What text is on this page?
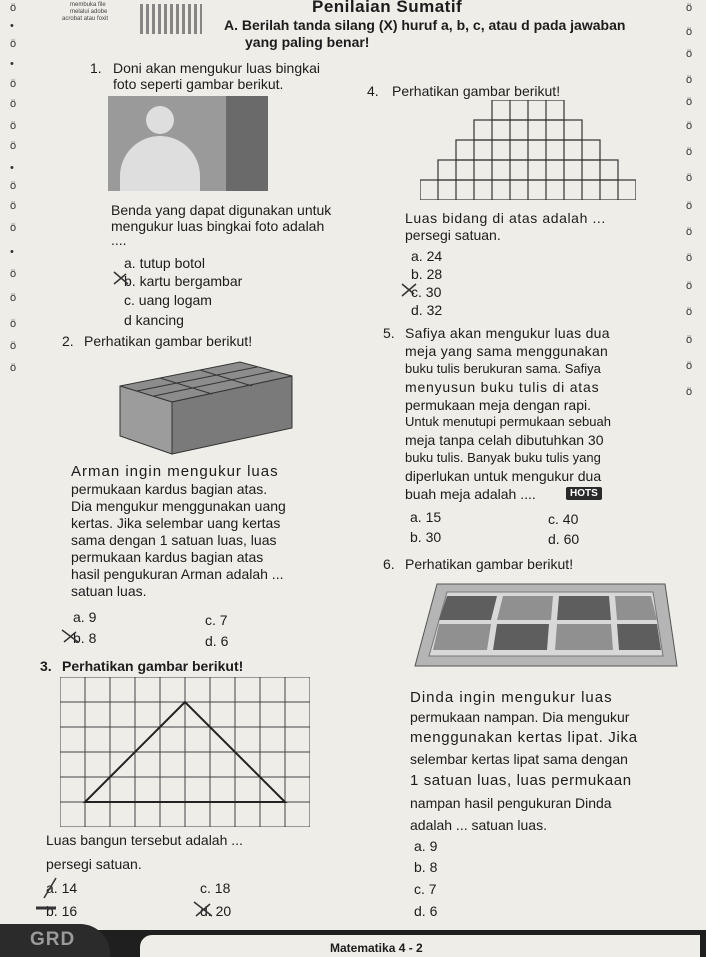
ö
•
ö
•
ö
ö
ö
ö
•
ö
ö
ö
•
ö
ö
ö
ö
ö
ö
ö
ö
ö
ö
ö
ö
ö
ö
ö
ö
ö
ö
ö
ö
ö
membuka file
melalui adobe
acrobat atau foxit
Penilaian Sumatif
A. Berilah tanda silang (X) huruf a, b, c, atau d pada jawaban
yang paling benar!
1. Doni akan mengukur luas bingkai
foto seperti gambar berikut.
Benda yang dapat digunakan untuk
mengukur luas bingkai foto adalah
....
a. tutup botol
b. kartu bergambar
c. uang logam
d kancing
2. Perhatikan gambar berikut!
Arman ingin mengukur luas
permukaan kardus bagian atas.
Dia mengukur menggunakan uang
kertas. Jika selembar uang kertas
sama dengan 1 satuan luas, luas
permukaan kardus bagian atas
hasil pengukuran Arman adalah ...
satuan luas.
a. 9
b. 8
c. 7
d. 6
3. Perhatikan gambar berikut!
Luas bangun tersebut adalah ...
persegi satuan.
a. 14
b. 16
c. 18
d. 20
4. Perhatikan gambar berikut!
Luas bidang di atas adalah ...
persegi satuan.
a. 24
b. 28
c. 30
d. 32
5. Safiya akan mengukur luas dua
meja yang sama menggunakan
buku tulis berukuran sama. Safiya
menyusun buku tulis di atas
permukaan meja dengan rapi.
Untuk menutupi permukaan sebuah
meja tanpa celah dibutuhkan 30
buku tulis. Banyak buku tulis yang
diperlukan untuk mengukur dua
buah meja adalah ....	HOTS
a. 15
b. 30
c. 40
d. 60
6. Perhatikan gambar berikut!
Dinda ingin mengukur luas
permukaan nampan. Dia mengukur
menggunakan kertas lipat. Jika
selembar kertas lipat sama dengan
1 satuan luas, luas permukaan
nampan hasil pengukuran Dinda
adalah ... satuan luas.
a. 9
b. 8
c. 7
d. 6
GRD	Matematika 4 - 2
